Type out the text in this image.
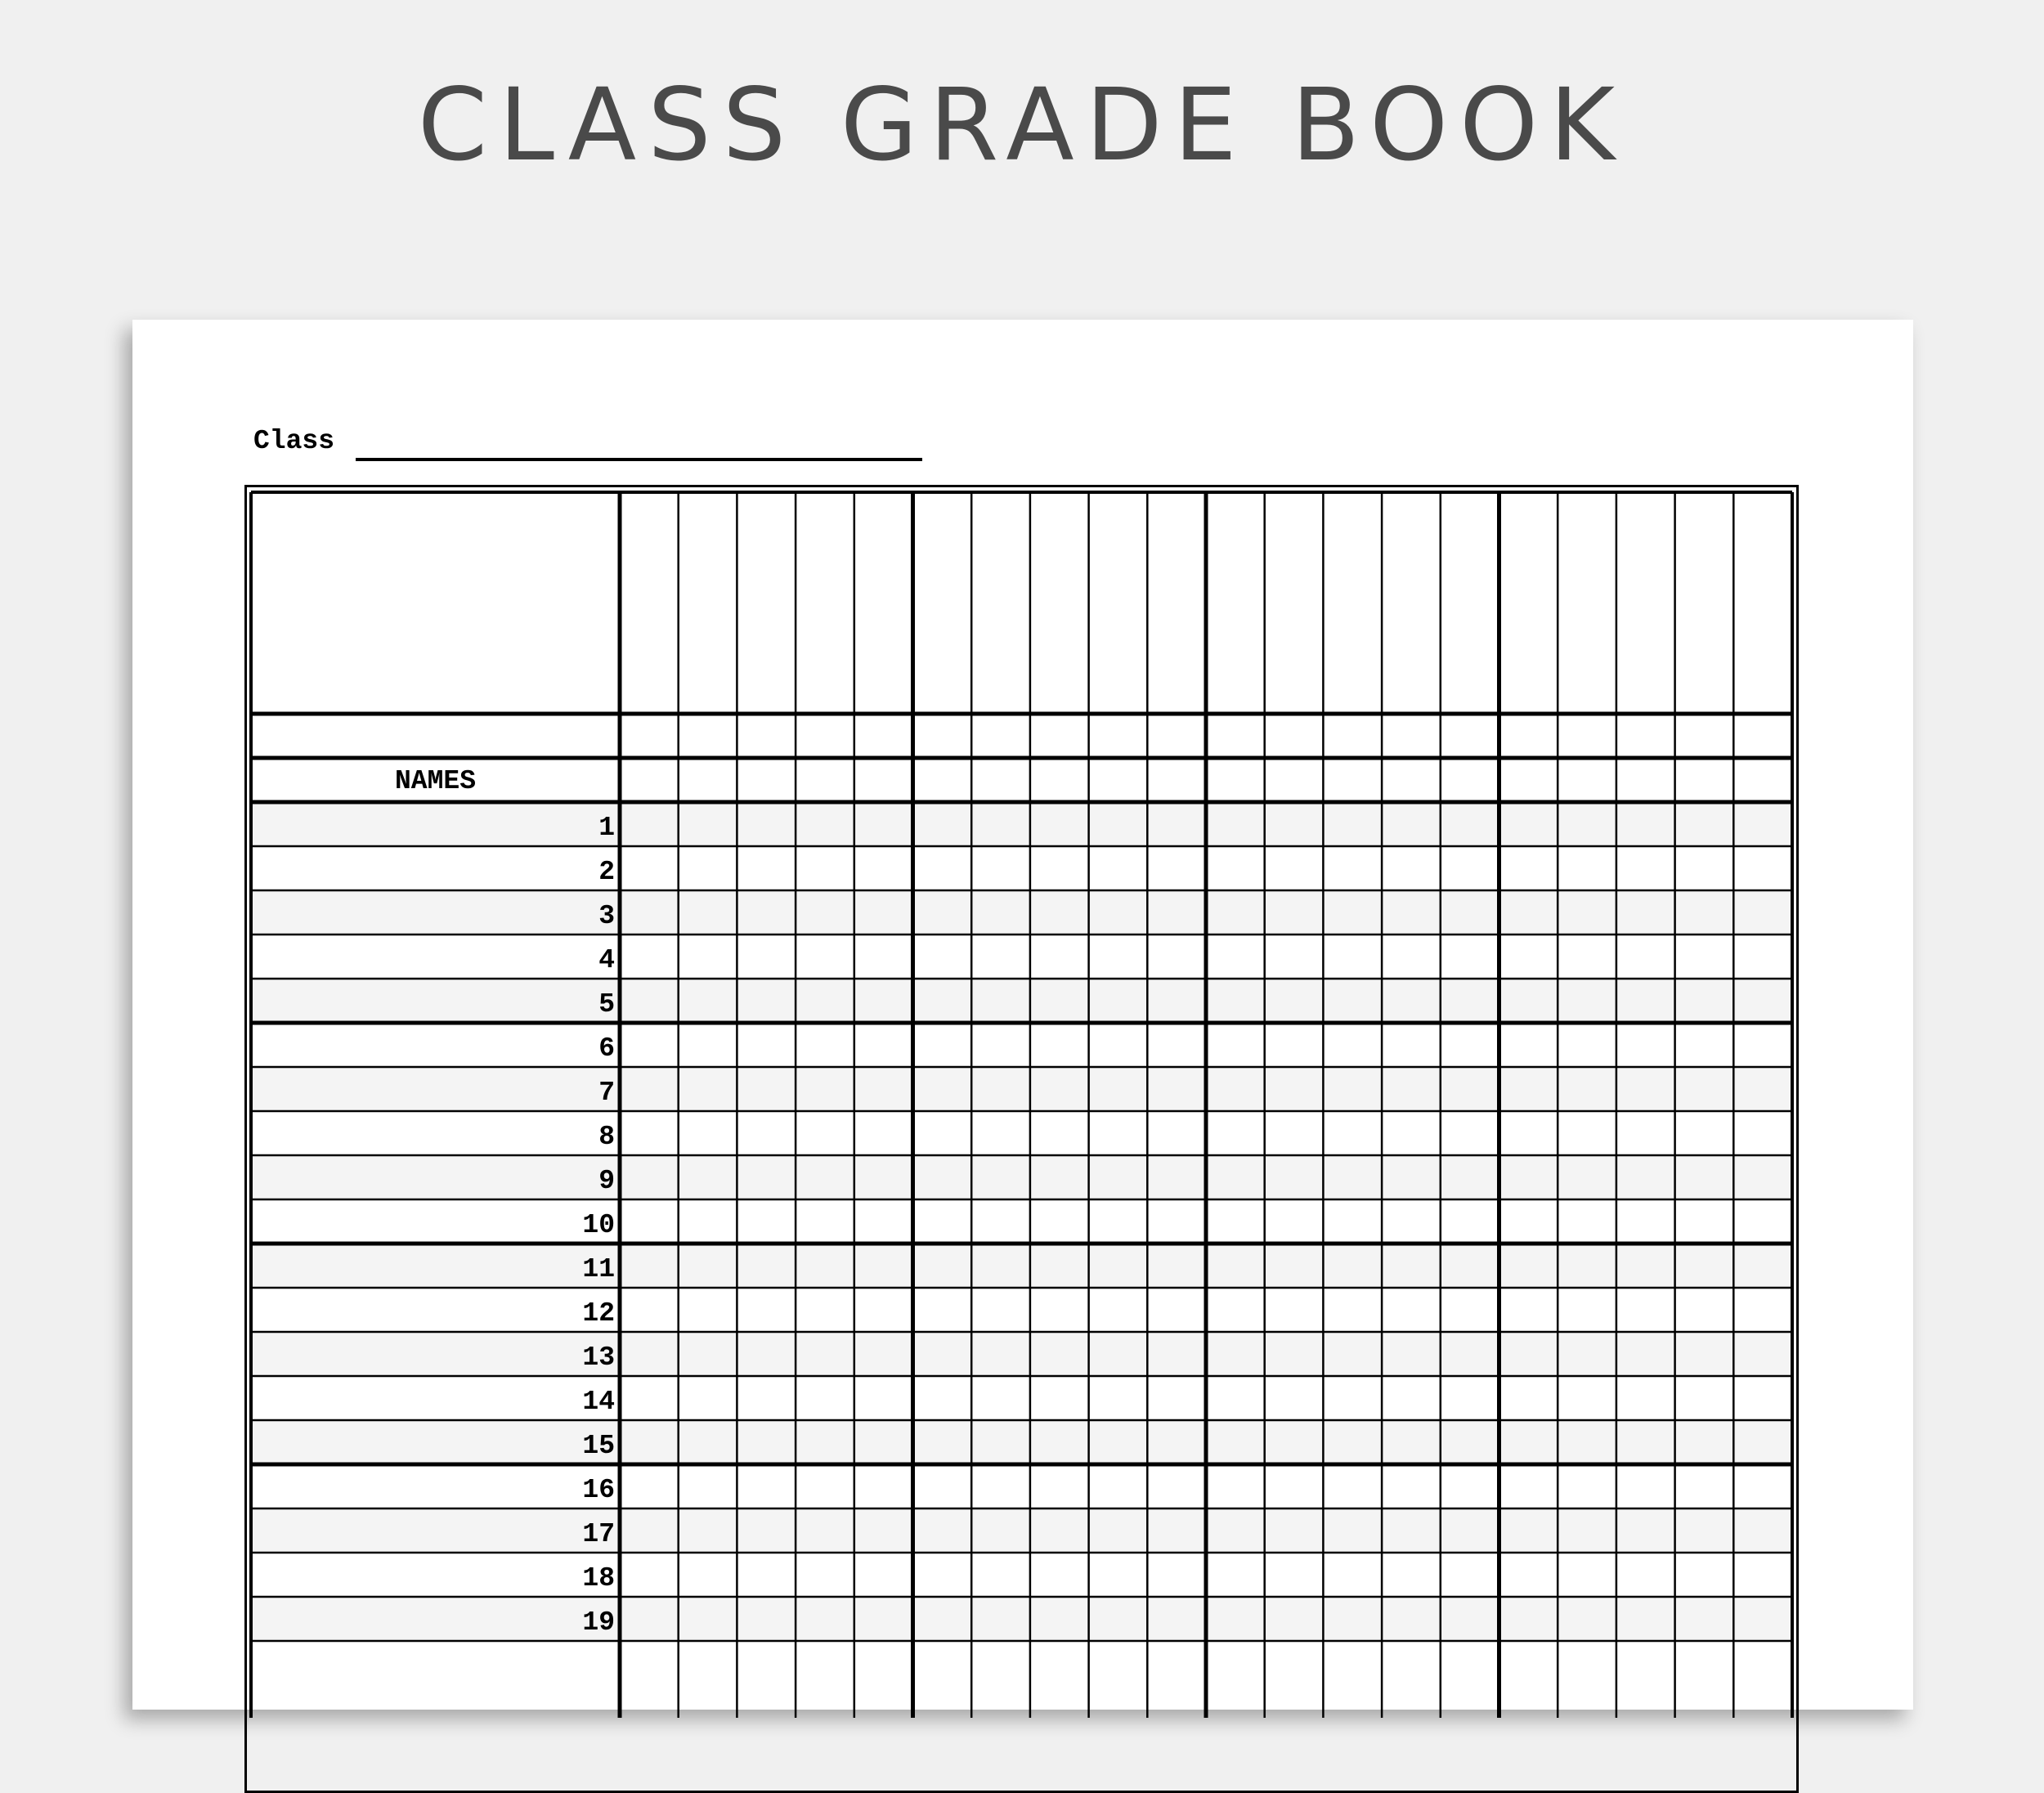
CLASS GRADE BOOK
Class
NAMES
1
2
3
4
5
6
7
8
9
10
11
12
13
14
15
16
17
18
19
